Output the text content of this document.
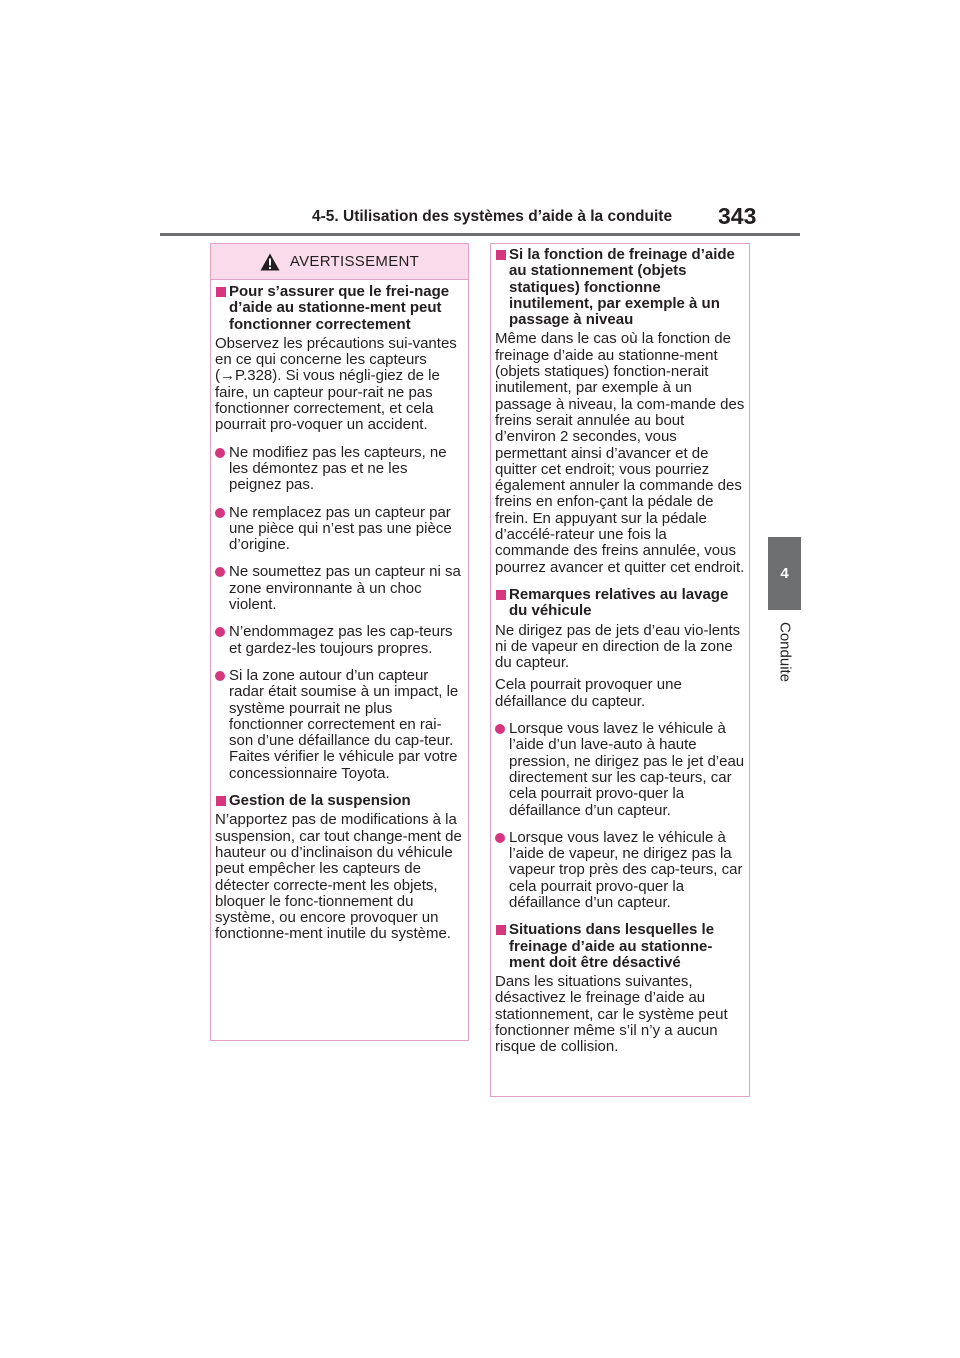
4-5. Utilisation des systèmes d’aide à la conduite 343
4
Conduite
AVERTISSEMENT

Pour s’assurer que le frei-nage d’aide au stationne-ment peut fonctionner correctement

Observez les précautions sui-vantes en ce qui concerne les capteurs (→P.328). Si vous négli-giez de le faire, un capteur pour-rait ne pas fonctionner correctement, et cela pourrait pro-voquer un accident.

Ne modifiez pas les capteurs, ne les démontez pas et ne les peignez pas.
Ne remplacez pas un capteur par une pièce qui n’est pas une pièce d’origine.
Ne soumettez pas un capteur ni sa zone environnante à un choc violent.
N’endommagez pas les cap-teurs et gardez-les toujours propres.
Si la zone autour d’un capteur radar était soumise à un impact, le système pourrait ne plus fonctionner correctement en rai-son d’une défaillance du cap-teur. Faites vérifier le véhicule par votre concessionnaire Toyota.

Gestion de la suspension

N’apportez pas de modifications à la suspension, car tout change-ment de hauteur ou d’inclinaison du véhicule peut empêcher les capteurs de détecter correcte-ment les objets, bloquer le fonc-tionnement du système, ou encore provoquer un fonctionne-ment inutile du système.

Si la fonction de freinage d’aide au stationnement (objets statiques) fonctionne inutilement, par exemple à un passage à niveau

Même dans le cas où la fonction de freinage d’aide au stationne-ment (objets statiques) fonction-nerait inutilement, par exemple à un passage à niveau, la com-mande des freins serait annulée au bout d’environ 2 secondes, vous permettant ainsi d’avancer et de quitter cet endroit; vous pourriez également annuler la commande des freins en enfon-çant la pédale de frein. En appuyant sur la pédale d’accélé-rateur une fois la commande des freins annulée, vous pourrez avancer et quitter cet endroit.

Remarques relatives au lavage du véhicule

Ne dirigez pas de jets d’eau vio-lents ni de vapeur en direction de la zone du capteur.

Cela pourrait provoquer une défaillance du capteur.

Lorsque vous lavez le véhicule à l’aide d’un lave-auto à haute pression, ne dirigez pas le jet d’eau directement sur les cap-teurs, car cela pourrait provo-quer la défaillance d’un capteur.
Lorsque vous lavez le véhicule à l’aide de vapeur, ne dirigez pas la vapeur trop près des cap-teurs, car cela pourrait provo-quer la défaillance d’un capteur.

Situations dans lesquelles le freinage d’aide au stationne-ment doit être désactivé

Dans les situations suivantes, désactivez le freinage d’aide au stationnement, car le système peut fonctionner même s’il n’y a aucun risque de collision.
